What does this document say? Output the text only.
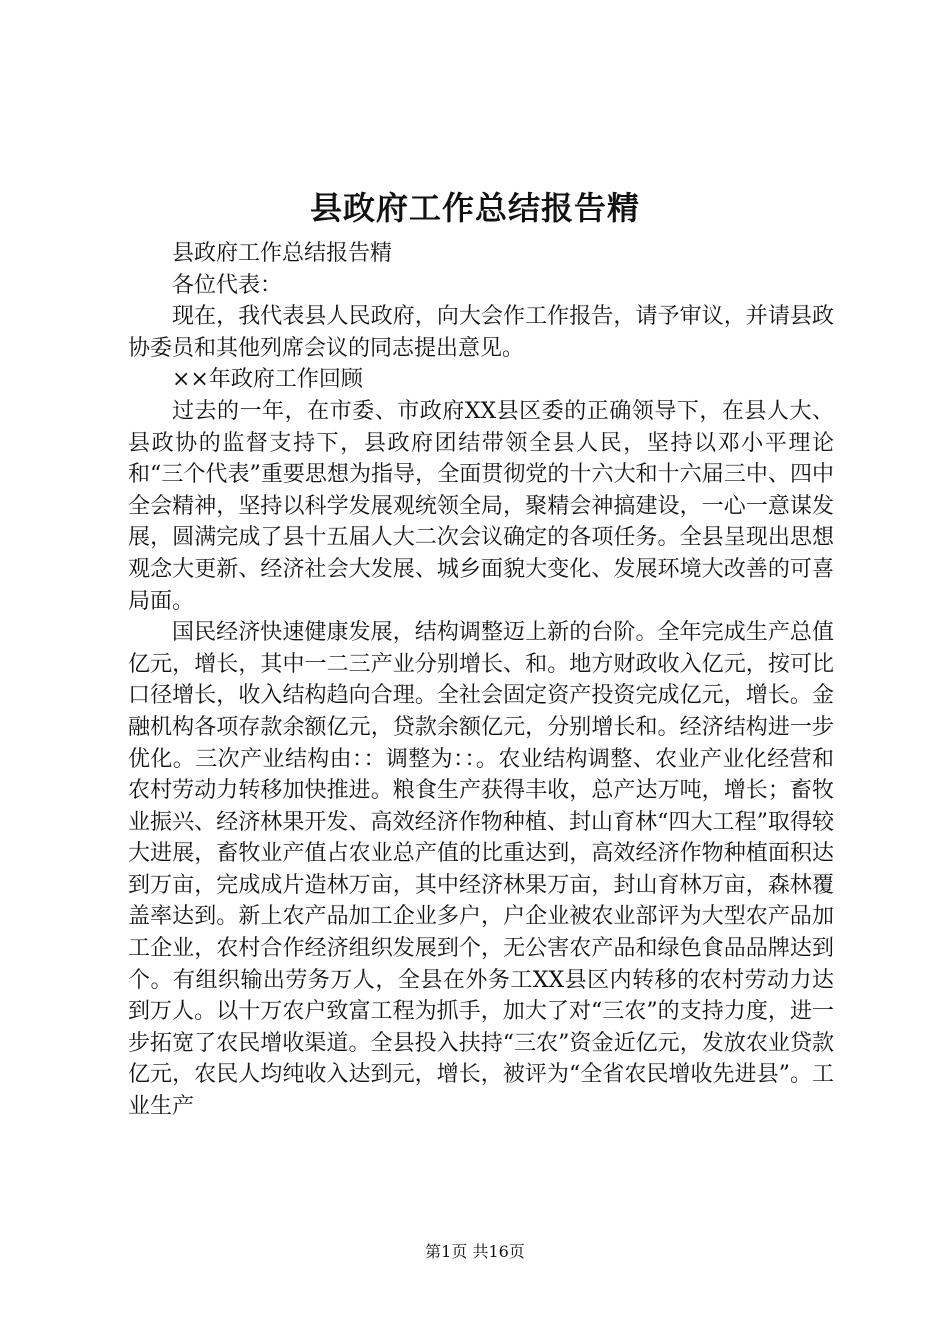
县政府工作总结报告精

县政府工作总结报告精

各位代表：

现在，我代表县人民政府，向大会作工作报告，请予审议，并请县政协委员和其他列席会议的同志提出意见。

××年政府工作回顾

过去的一年，在市委、市政府XX县区委的正确领导下，在县人大、县政协的监督支持下，县政府团结带领全县人民，坚持以邓小平理论和“三个代表”重要思想为指导，全面贯彻党的十六大和十六届三中、四中全会精神，坚持以科学发展观统领全局，聚精会神搞建设，一心一意谋发展，圆满完成了县十五届人大二次会议确定的各项任务。全县呈现出思想观念大更新、经济社会大发展、城乡面貌大变化、发展环境大改善的可喜局面。

国民经济快速健康发展，结构调整迈上新的台阶。全年完成生产总值亿元，增长，其中一二三产业分别增长、和。地方财政收入亿元，按可比口径增长，收入结构趋向合理。全社会固定资产投资完成亿元，增长。金融机构各项存款余额亿元，贷款余额亿元，分别增长和。经济结构进一步优化。三次产业结构由：：调整为：：。农业结构调整、农业产业化经营和农村劳动力转移加快推进。粮食生产获得丰收，总产达万吨，增长；畜牧业振兴、经济林果开发、高效经济作物种植、封山育林“四大工程”取得较大进展，畜牧业产值占农业总产值的比重达到，高效经济作物种植面积达到万亩，完成成片造林万亩，其中经济林果万亩，封山育林万亩，森林覆盖率达到。新上农产品加工企业多户，户企业被农业部评为大型农产品加工企业，农村合作经济组织发展到个，无公害农产品和绿色食品品牌达到个。有组织输出劳务万人，全县在外务工XX县区内转移的农村劳动力达到万人。以十万农户致富工程为抓手，加大了对“三农”的支持力度，进一步拓宽了农民增收渠道。全县投入扶持“三农”资金近亿元，发放农业贷款亿元，农民人均纯收入达到元，增长，被评为“全省农民增收先进县”。工业生产

第1页 共16页
